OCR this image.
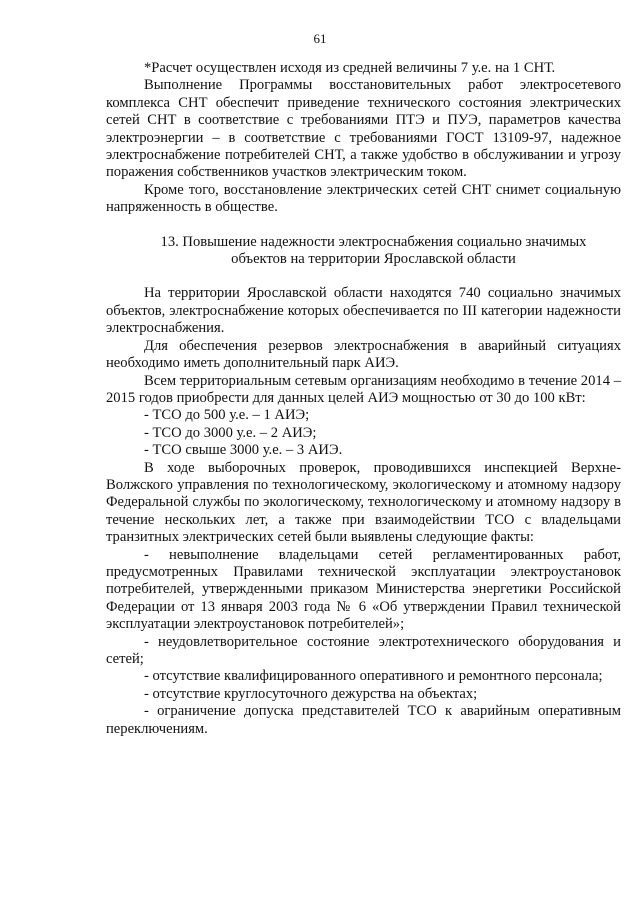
61

*Расчет осуществлен исходя из средней величины 7 у.е. на 1 СНТ.

Выполнение Программы восстановительных работ электросетевого комплекса СНТ обеспечит приведение технического состояния электрических сетей СНТ в соответствие с требованиями ПТЭ и ПУЭ, параметров качества электроэнергии – в соответствие с требованиями ГОСТ 13109-97, надежное электроснабжение потребителей СНТ, а также удобство в обслуживании и угрозу поражения собственников участков электрическим током.

Кроме того, восстановление электрических сетей СНТ снимет социальную напряженность в обществе.

13. Повышение надежности электроснабжения социально значимых
объектов на территории Ярославской области

На территории Ярославской области находятся 740 социально значимых объектов, электроснабжение которых обеспечивается по III категории надежности электроснабжения.

Для обеспечения резервов электроснабжения в аварийный ситуациях необходимо иметь дополнительный парк АИЭ.

Всем территориальным сетевым организациям необходимо в течение 2014 – 2015 годов приобрести для данных целей АИЭ мощностью от 30 до 100 кВт:

- ТСО до 500 у.е. – 1 АИЭ;

- ТСО до 3000 у.е. – 2 АИЭ;

- ТСО свыше 3000 у.е. – 3 АИЭ.

В ходе выборочных проверок, проводившихся инспекцией Верхне-Волжского управления по технологическому, экологическому и атомному надзору Федеральной службы по экологическому, технологическому и атомному надзору в течение нескольких лет, а также при взаимодействии ТСО с владельцами транзитных электрических сетей были выявлены следующие факты:

- невыполнение владельцами сетей регламентированных работ, предусмотренных Правилами технической эксплуатации электроустановок потребителей, утвержденными приказом Министерства энергетики Российской Федерации от 13 января 2003 года № 6 «Об утверждении Правил технической эксплуатации электроустановок потребителей»;

- неудовлетворительное состояние электротехнического оборудования и сетей;

- отсутствие квалифицированного оперативного и ремонтного персонала;

- отсутствие круглосуточного дежурства на объектах;

- ограничение допуска представителей ТСО к аварийным оперативным переключениям.
